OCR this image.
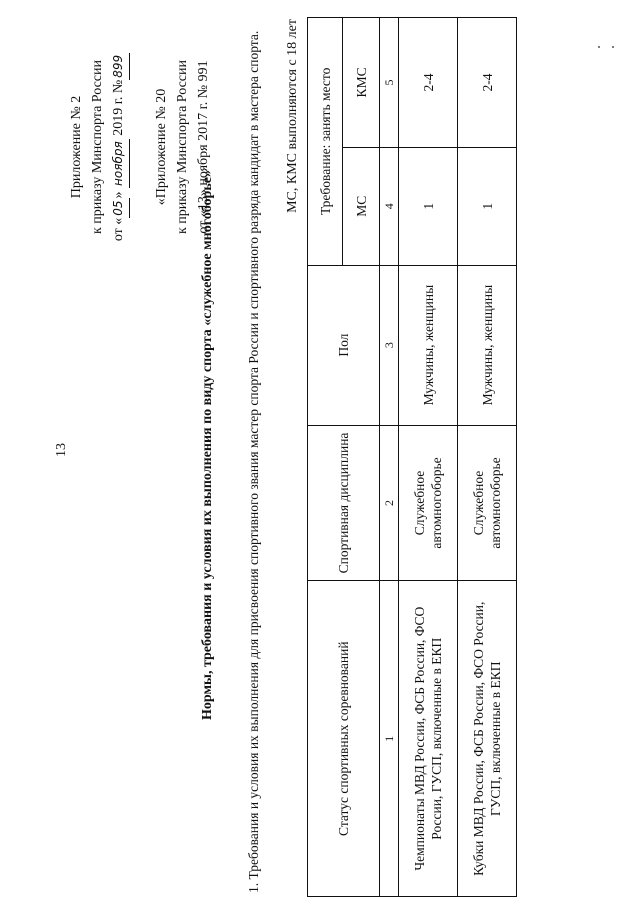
13
Приложение № 2 к приказу Минспорта России от «05» ноября 2019 г. №899
«Приложение № 20 к приказу Минспорта России от «13» ноября 2017 г. № 991
Нормы, требования и условия их выполнения по виду спорта «служебное многоборье» 1. Требования и условия их выполнения для присвоения спортивного звания мастер спорта России и спортивного разряда кандидат в мастера спорта. МС, КМС выполняются с 18 лет
Статус спортивных соревнований	Спортивная дисциплина	Пол	Требование: занять место	
			МС	КМС
1	2	3	4	5
Чемпионаты МВД России, ФСБ России, ФСО России, ГУСП, включенные в ЕКП	Служебное автомногоборье	Мужчины, женщины	1	2-4
Кубки МВД России, ФСБ России, ФСО России, ГУСП, включенные в ЕКП	Служебное автомногоборье	Мужчины, женщины	1	2-4
